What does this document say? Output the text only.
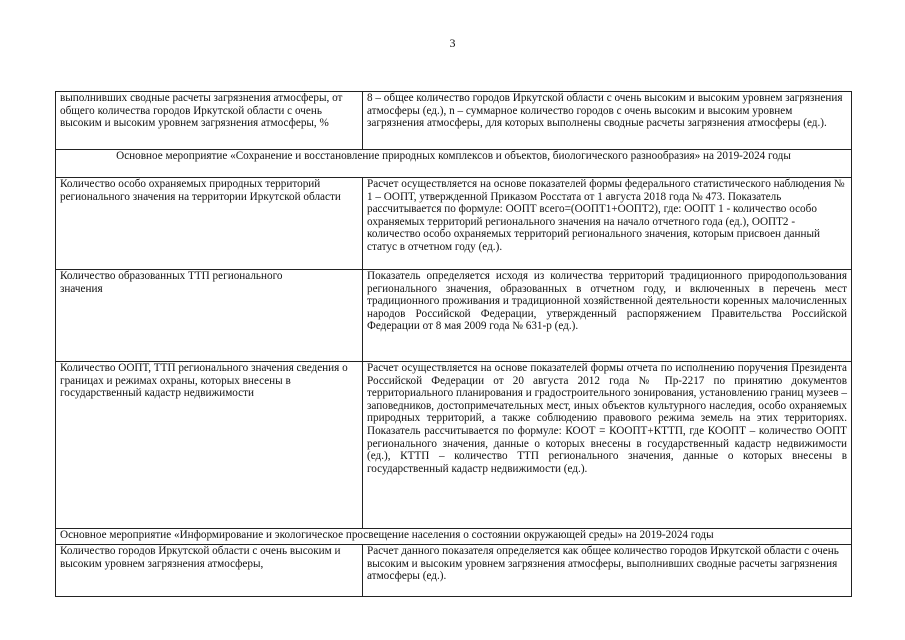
3
выполнивших сводные расчеты загрязнения атмосферы, от общего количества городов Иркутской области с очень высоким и высоким уровнем загрязнения атмосферы, %	8 – общее количество городов Иркутской области с очень высоким и высоким уровнем загрязнения атмосферы (ед.), n – суммарное количество городов с очень высоким и высоким уровнем загрязнения атмосферы, для которых выполнены сводные расчеты загрязнения атмосферы (ед.).
Основное мероприятие «Сохранение и восстановление природных комплексов и объектов, биологического разнообразия» на 2019-2024 годы	
Количество особо охраняемых природных территорий регионального значения на территории Иркутской области	Расчет осуществляется на основе показателей формы федерального статистического наблюдения № 1 – ООПТ, утвержденной Приказом Росстата от 1 августа 2018 года № 473. Показатель рассчитывается по формуле: ООПТ всего=(ООПТ1+ООПТ2), где: ООПТ 1 - количество особо охраняемых территорий регионального значения на начало отчетного года (ед.), ООПТ2 - количество особо охраняемых территорий регионального значения, которым присвоен данный статус в отчетном году (ед.).
Количество образованных ТТП регионального значения	Показатель определяется исходя из количества территорий традиционного природопользования регионального значения, образованных в отчетном году, и включенных в перечень мест традиционного проживания и традиционной хозяйственной деятельности коренных малочисленных народов Российской Федерации, утвержденный распоряжением Правительства Российской Федерации от 8 мая 2009 года № 631-р (ед.).
Количество ООПТ, ТТП регионального значения сведения о границах и режимах охраны, которых внесены в государственный кадастр недвижимости	Расчет осуществляется на основе показателей формы отчета по исполнению поручения Президента Российской Федерации от 20 августа 2012 года № Пр-2217 по принятию документов территориального планирования и градостроительного зонирования, установлению границ музеев – заповедников, достопримечательных мест, иных объектов культурного наследия, особо охраняемых природных территорий, а также соблюдению правового режима земель на этих территориях. Показатель рассчитывается по формуле: КООТ = КООПТ+КТТП, где КООПТ – количество ООПТ регионального значения, данные о которых внесены в государственный кадастр недвижимости (ед.), КТТП – количество ТТП регионального значения, данные о которых внесены в государственный кадастр недвижимости (ед.).
Основное мероприятие «Информирование и экологическое просвещение населения о состоянии окружающей среды» на 2019-2024 годы	
Количество городов Иркутской области с очень высоким и высоким уровнем загрязнения атмосферы,	Расчет данного показателя определяется как общее количество городов Иркутской области с очень высоким и высоким уровнем загрязнения атмосферы, выполнивших сводные расчеты загрязнения атмосферы (ед.).
